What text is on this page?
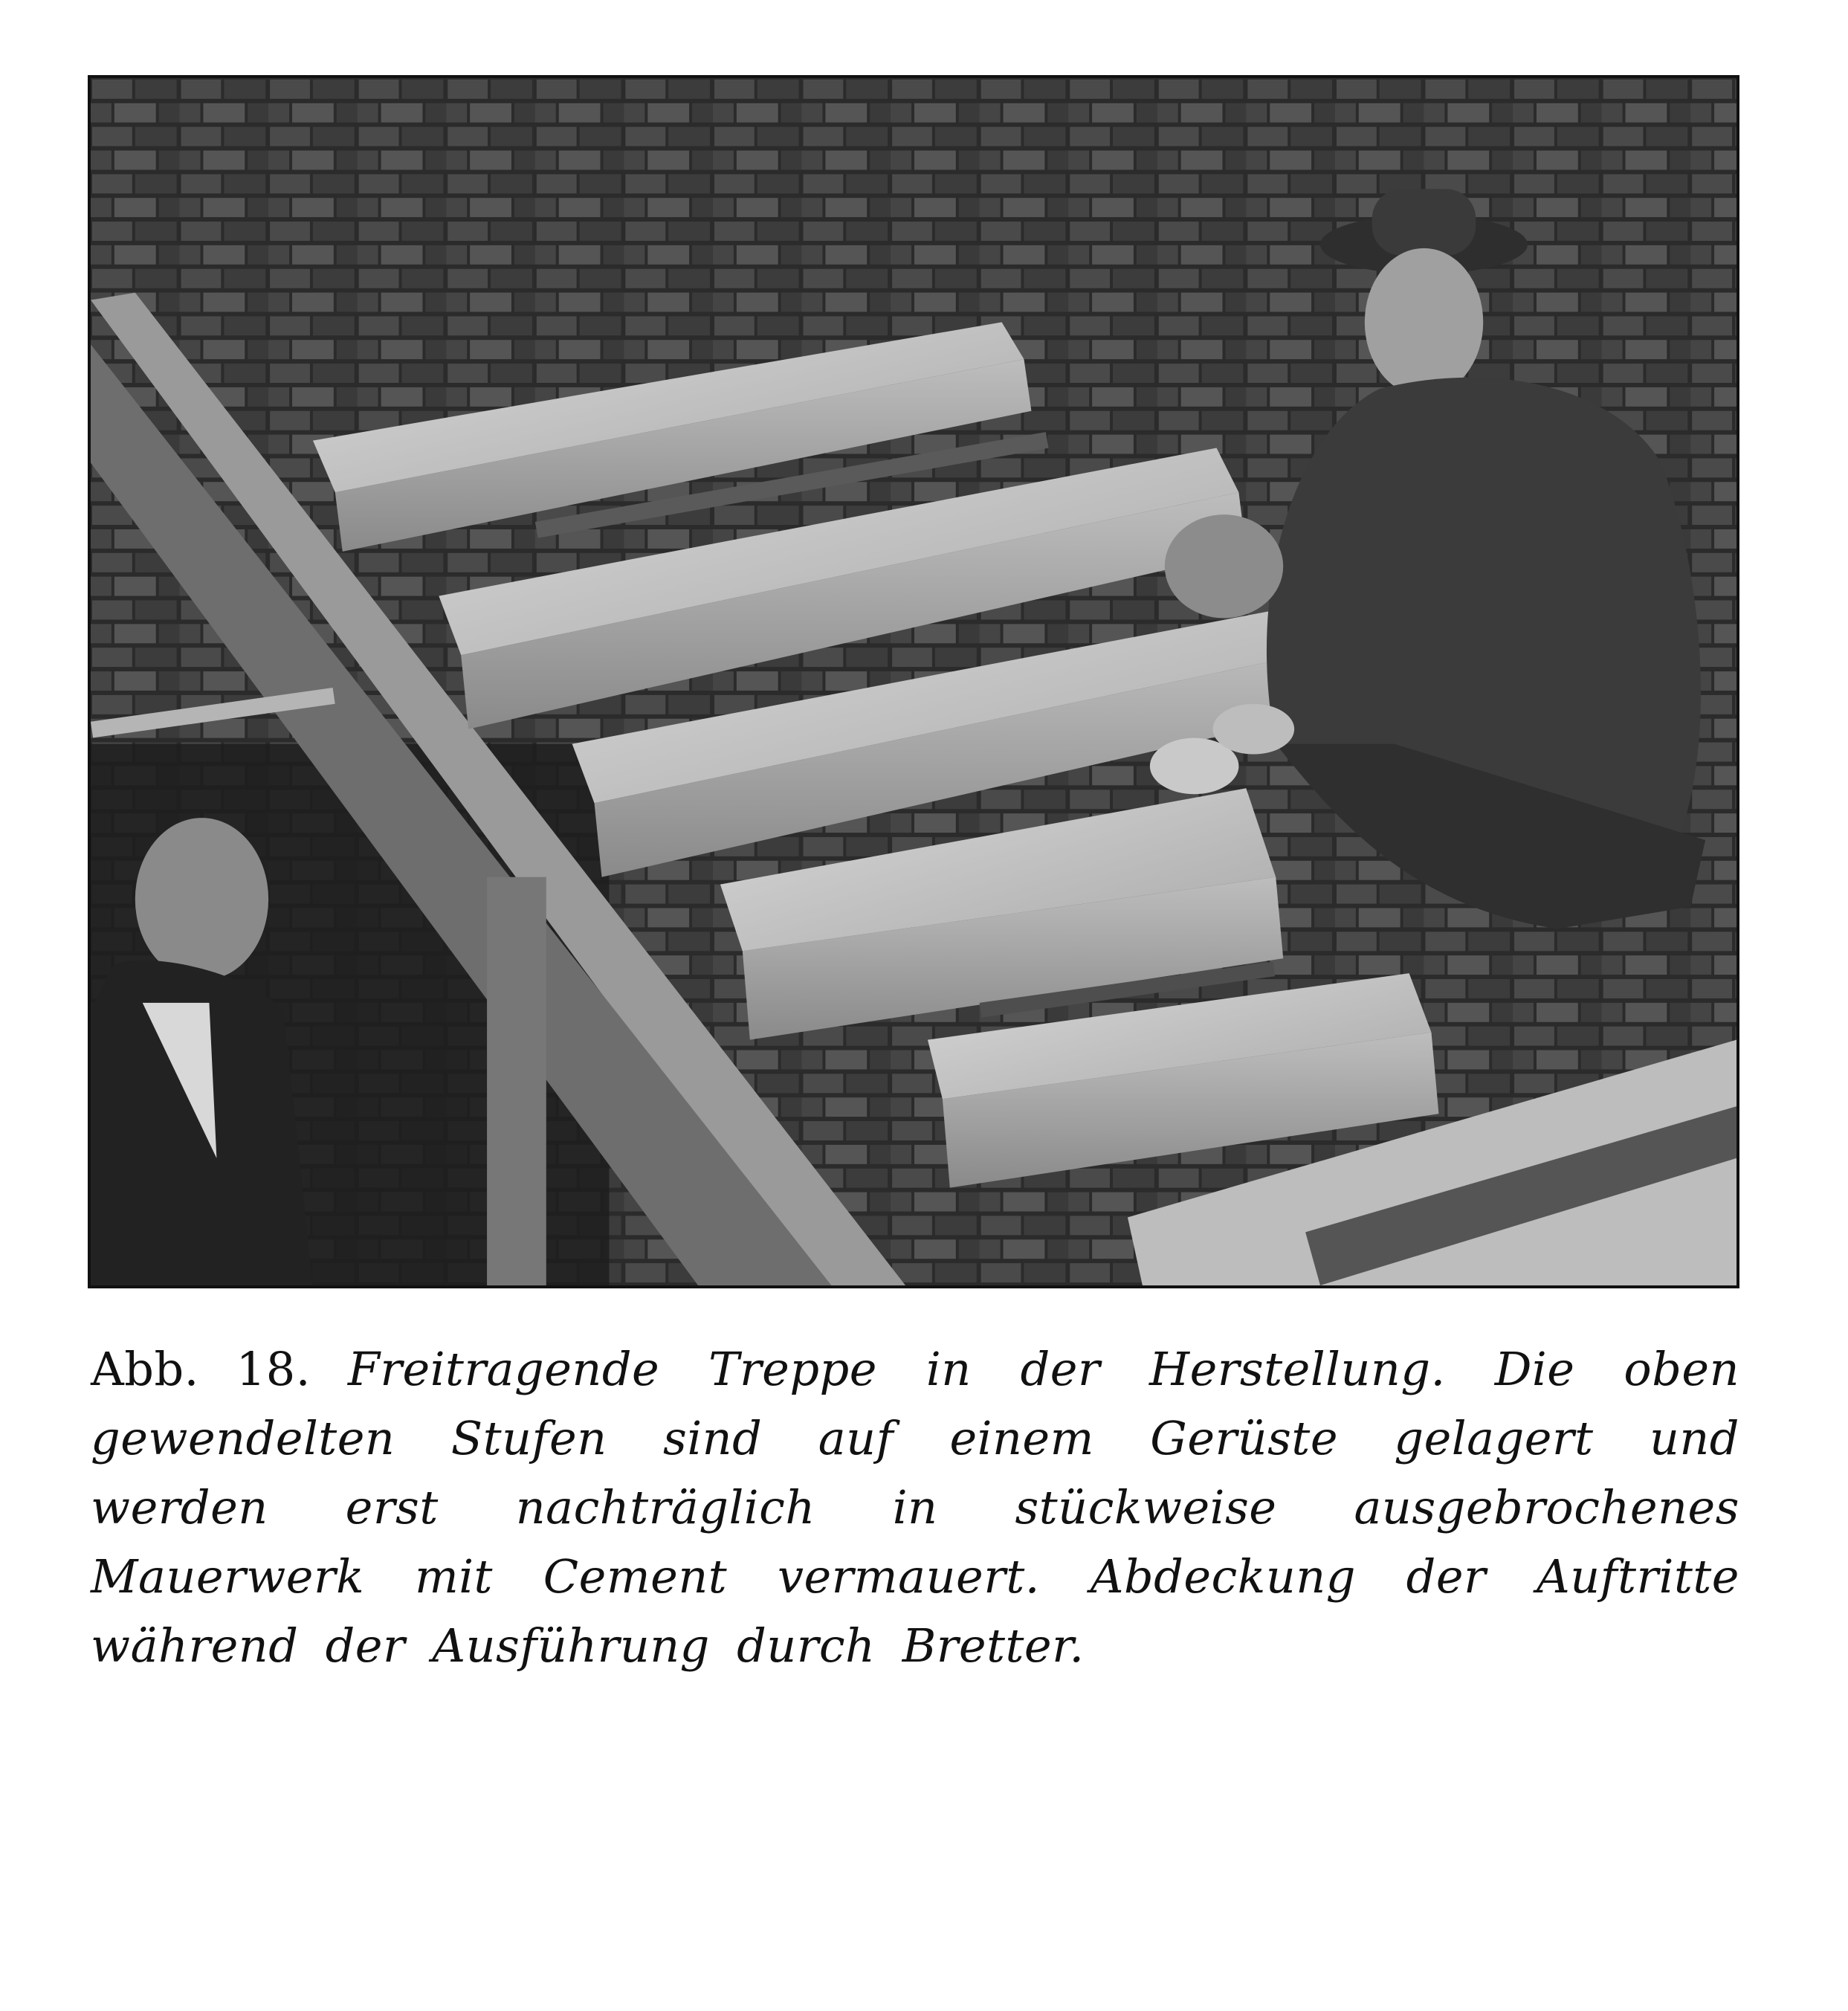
Abb. 18. Freitragende Treppe in der Herstellung. Die oben gewendelten Stufen sind auf einem Gerüste gelagert und werden erst nachträglich in stückweise ausgebrochenes Mauerwerk mit Cement vermauert. Abdeckung der Auftritte während der Ausführung durch Bretter.
